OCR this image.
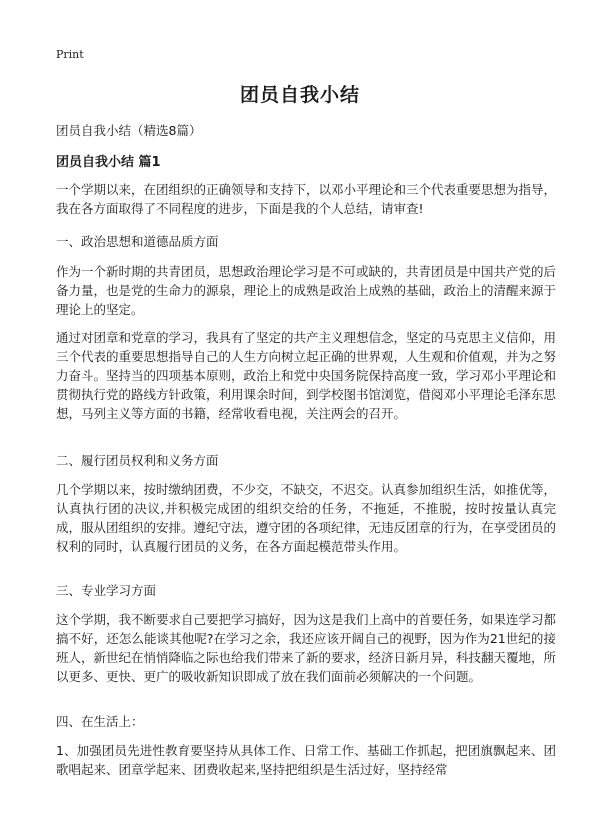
Print
团员自我小结
团员自我小结（精选8篇）
团员自我小结 篇1

一个学期以来，在团组织的正确领导和支持下，以邓小平理论和三个代表重要思想为指导，我在各方面取得了不同程度的进步，下面是我的个人总结，请审查!

一、政治思想和道德品质方面

作为一个新时期的共青团员，思想政治理论学习是不可或缺的，共青团员是中国共产党的后备力量，也是党的生命力的源泉，理论上的成熟是政治上成熟的基础，政治上的清醒来源于理论上的坚定。

通过对团章和党章的学习，我具有了坚定的共产主义理想信念，坚定的马克思主义信仰，用三个代表的重要思想指导自己的人生方向树立起正确的世界观，人生观和价值观，并为之努力奋斗。坚持当的四项基本原则，政治上和党中央国务院保持高度一致，学习邓小平理论和贯彻执行党的路线方针政策，利用课余时间，到学校图书馆浏览，借阅邓小平理论毛泽东思想，马列主义等方面的书籍，经常收看电视，关注两会的召开。

二、履行团员权利和义务方面

几个学期以来，按时缴纳团费，不少交，不缺交，不迟交。认真参加组织生活，如推优等，认真执行团的决议,并积极完成团的组织交给的任务，不拖延，不推脱，按时按量认真完成，服从团组织的安排。遵纪守法，遵守团的各项纪律，无违反团章的行为，在享受团员的权利的同时，认真履行团员的义务，在各方面起模范带头作用。

三、专业学习方面

这个学期，我不断要求自己要把学习搞好，因为这是我们上高中的首要任务，如果连学习都搞不好，还怎么能谈其他呢?在学习之余，我还应该开阔自己的视野，因为作为21世纪的接班人，新世纪在悄悄降临之际也给我们带来了新的要求，经济日新月异，科技翻天覆地，所以更多、更快、更广的吸收新知识即成了放在我们面前必须解决的一个问题。

四、在生活上：

1、加强团员先进性教育要坚持从具体工作、日常工作、基础工作抓起，把团旗飘起来、团歌唱起来、团章学起来、团费收起来,坚持把组织是生活过好，坚持经常
